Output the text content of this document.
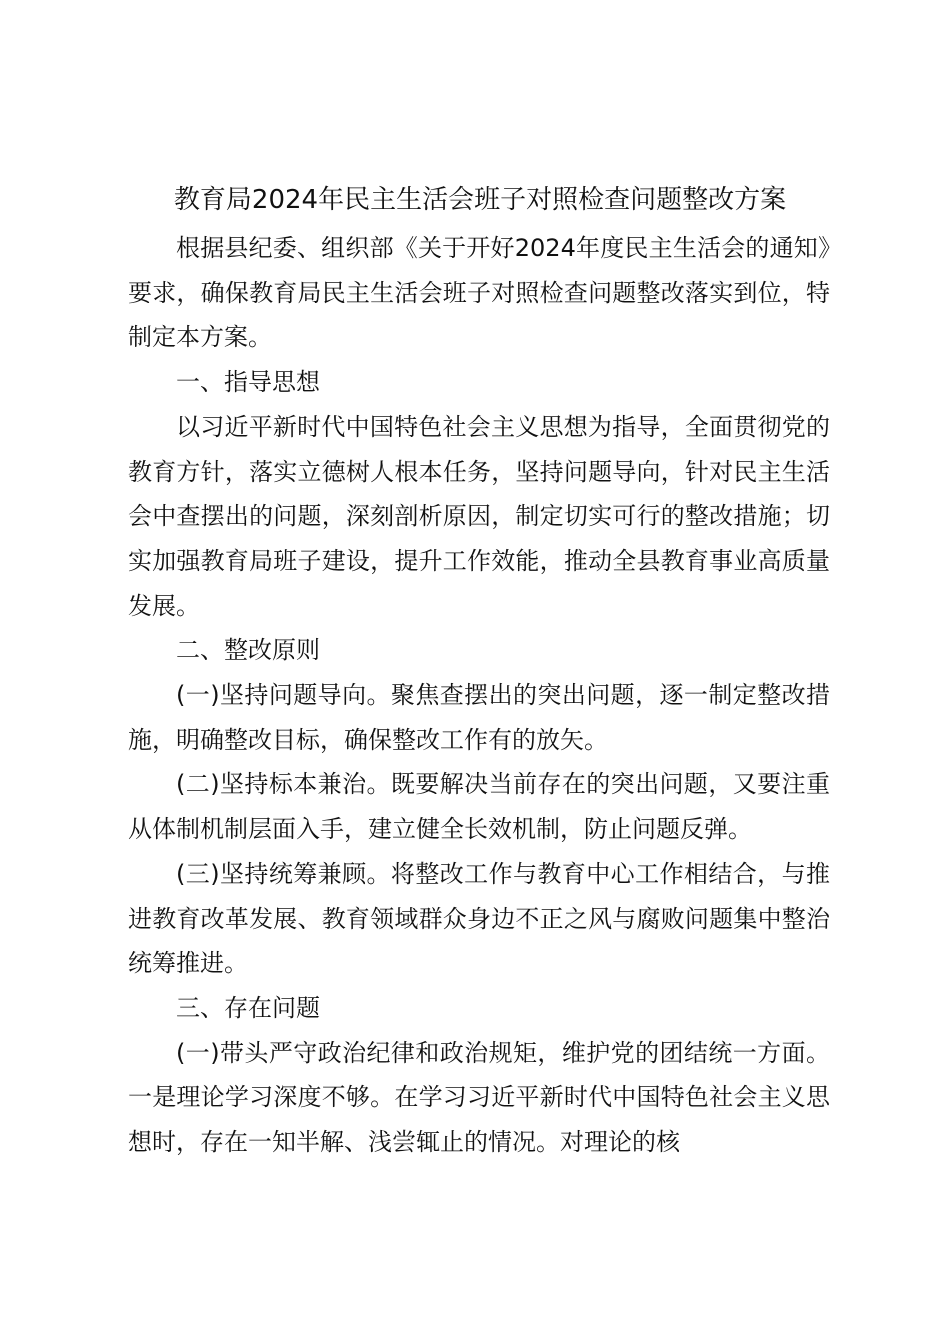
教育局2024年民主生活会班子对照检查问题整改方案

根据县纪委、组织部《关于开好2024年度民主生活会的通知》要求，确保教育局民主生活会班子对照检查问题整改落实到位，特制定本方案。

一、指导思想

以习近平新时代中国特色社会主义思想为指导，全面贯彻党的教育方针，落实立德树人根本任务，坚持问题导向，针对民主生活会中查摆出的问题，深刻剖析原因，制定切实可行的整改措施；切实加强教育局班子建设，提升工作效能，推动全县教育事业高质量发展。

二、整改原则

(一)坚持问题导向。聚焦查摆出的突出问题，逐一制定整改措施，明确整改目标，确保整改工作有的放矢。

(二)坚持标本兼治。既要解决当前存在的突出问题，又要注重从体制机制层面入手，建立健全长效机制，防止问题反弹。

(三)坚持统筹兼顾。将整改工作与教育中心工作相结合，与推进教育改革发展、教育领域群众身边不正之风与腐败问题集中整治统筹推进。

三、存在问题

(一)带头严守政治纪律和政治规矩，维护党的团结统一方面。一是理论学习深度不够。在学习习近平新时代中国特色社会主义思想时，存在一知半解、浅尝辄止的情况。对理论的核
